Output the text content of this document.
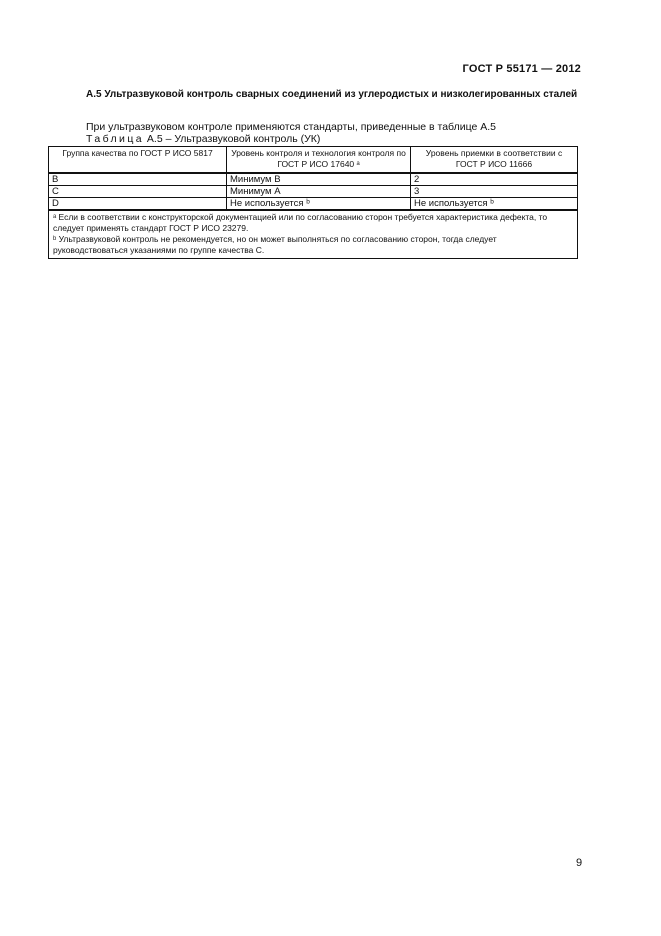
ГОСТ Р 55171 — 2012
А.5 Ультразвуковой контроль сварных соединений из углеродистых и низколегированных сталей
При ультразвуковом контроле применяются стандарты, приведенные в таблице А.5
Таблица А.5 – Ультразвуковой контроль (УК)
Группа качества по ГОСТ Р ИСО 5817	Уровень контроля и технология контроля по ГОСТ Р ИСО 17640 ᵃ	Уровень приемки в соответствии с ГОСТ Р ИСО 11666
B	Минимум В	2
С	Минимум А	3
D	Не используется ᵇ	Не используется ᵇ

ᵃ Если в соответствии с конструкторской документацией или по согласованию сторон требуется характеристика дефекта, то следует применять стандарт ГОСТ Р ИСО 23279.
ᵇ Ультразвуковой контроль не рекомендуется, но он может выполняться по согласованию сторон, тогда следует руководствоваться указаниями по группе качества С.		
9
